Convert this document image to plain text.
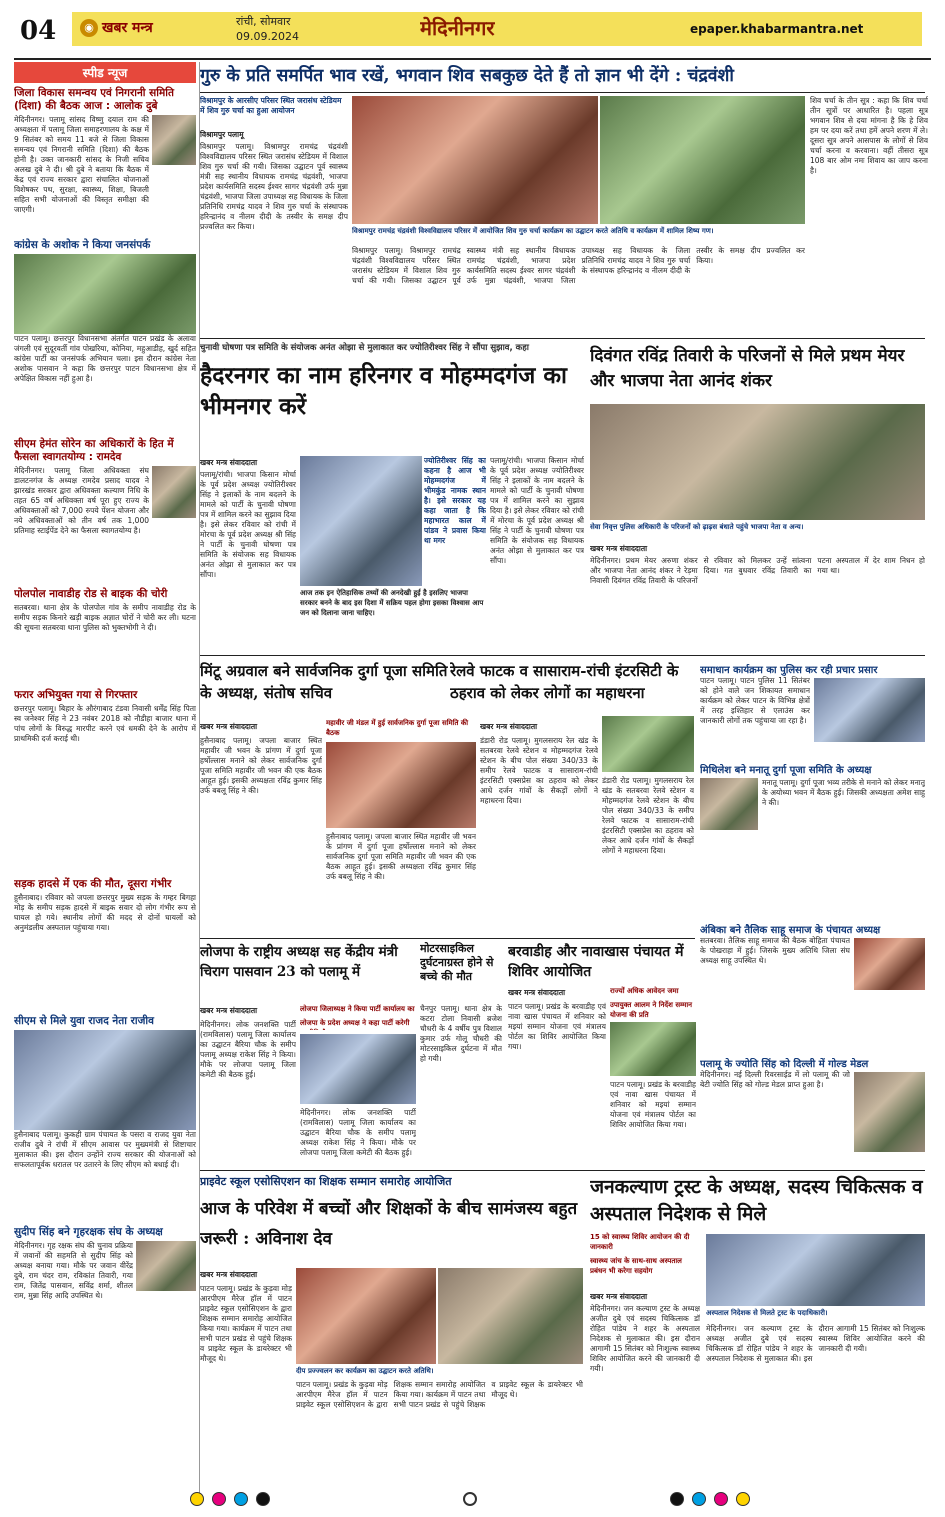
04	◉ खबर मन्त्र	रांची, सोमवार
09.09.2024	मेदिनीनगर	epaper.khabarmantra.net
स्पीड न्यूज
जिला विकास समन्वय एवं निगरानी समिति (दिशा) की बैठक आज : आलोक दुबे
मेदिनीनगर। पलामू सांसद विष्णु दयाल राम की अध्यक्षता में पलामू जिला समाहरणालय के कक्ष में 9 सितंबर को समय 11 बजे से जिला विकास समन्वय एवं निगरानी समिति (दिशा) की बैठक होनी है। उक्त जानकारी सांसद के निजी सचिव अलख दुबे ने दी। श्री दुबे ने बताया कि बैठक में केंद्र एवं राज्य सरकार द्वारा संचालित योजनाओं विशेषकर पथ, सुरक्षा, स्वास्थ्य, शिक्षा, बिजली सहित सभी योजनाओं की विस्तृत समीक्षा की जाएगी।
कांग्रेस के अशोक ने किया जनसंपर्क
पाटन पलामू। छत्तरपुर विधानसभा अंतर्गत पाटन प्रखंड के अलावा जंगली एवं सुदूरवर्ती गांव पोखरिया, कोनिया, महुआडीह, खुर्द सहित कांग्रेस पार्टी का जनसंपर्क अभियान चला। इस दौरान कांग्रेस नेता अशोक पासवान ने कहा कि छत्तरपुर पाटन विधानसभा क्षेत्र में अपेक्षित विकास नहीं हुआ है।
सीएम हेमंत सोरेन का अधिकारों के हित में फैसला स्वागतयोग्य : रामदेव
मेदिनीनगर। पलामू जिला अधिवक्ता संघ डालटनगंज के अध्यक्ष रामदेव प्रसाद यादव ने झारखंड सरकार द्वारा अधिवक्ता कल्याण निधि के तहत 65 वर्ष अधिवक्ता वर्ष पूरा हुए राज्य के अधिवक्ताओं को 7,000 रुपये पेंशन योजना और नये अधिवक्ताओं को तीन वर्ष तक 1,000 प्रतिमाह स्टाईपेंड देने का फैसला स्वागतयोग्य है।
पोलपोल नावाडीह रोड से बाइक की चोरी
सतबरवा। थाना क्षेत्र के पोलपोल गांव के समीप नावाडीह रोड के समीप सड़क किनारे खड़ी बाइक अज्ञात चोरों ने चोरी कर ली। घटना की सूचना सतबरवा थाना पुलिस को भुक्तभोगी ने दी।
फरार अभियुक्त गया से गिरफ्तार
छत्तरपुर पलामू। बिहार के औरंगाबाद टंडवा निवासी धर्मेंद्र सिंह पिता स्व जनेश्वर सिंह ने 23 नवंबर 2018 को नौडीहा बाजार थाना में पांच लोगों के विरुद्ध मारपीट करने एवं धमकी देने के आरोप में प्राथमिकी दर्ज कराई थी।
सड़क हादसे में एक की मौत, दूसरा गंभीर
हुसैनाबाद। रविवार को जपला छत्तरपुर मुख्य सड़क के गम्हर बिगहा मोड़ के समीप सड़क हादसे में बाइक सवार दो लोग गंभीर रूप से घायल हो गये। स्थानीय लोगों की मदद से दोनों घायलों को अनुमंडलीय अस्पताल पहुंचाया गया।
सीएम से मिले युवा राजद नेता राजीव
हुसैनाबाद पलामू। कुकही ग्राम पंचायत के पसरा व राजद युवा नेता राजीव दुबे ने रांची में सीएम आवास पर मुख्यमंत्री से शिष्टाचार मुलाकात की। इस दौरान उन्होंने राज्य सरकार की योजनाओं को सफलतापूर्वक धरातल पर उतारने के लिए सीएम को बधाई दी।
सुदीप सिंह बने गृहरक्षक संघ के अध्यक्ष
मेदिनीनगर। गृह रक्षक संघ की चुनाव प्रक्रिया में जवानों की सहमति से सुदीप सिंह को अध्यक्ष बनाया गया। मौके पर जवान वीरेंद्र दुबे, राम चंदर राम, रविकांत तिवारी, गया राम, जितेंद्र पासवान, सविंद्र शर्मा, शीतल राम, मुन्ना सिंह आदि उपस्थित थे।
गुरु के प्रति समर्पित भाव रखें, भगवान शिव सबकुछ देते हैं तो ज्ञान भी देंगे : चंद्रवंशी
विश्रामपुर के आरसीए परिसर स्थित जरासंध स्टेडियम में शिव गुरु चर्चा का हुआ आयोजन
विश्रामपुर रामचंद्र चंद्रवंशी विश्वविद्यालय परिसर में आयोजित शिव गुरु चर्चा कार्यक्रम का उद्घाटन करते अतिथि व कार्यक्रम में शामिल शिष्य गण।
विश्रामपुर पलामू
विश्रामपुर पलामू। विश्रामपुर रामचंद्र चंद्रवंशी विश्वविद्यालय परिसर स्थित जरासंध स्टेडियम में विशाल शिव गुरु चर्चा की गयी। जिसका उद्घाटन पूर्व स्वास्थ्य मंत्री सह स्थानीय विधायक रामचंद्र चंद्रवंशी, भाजपा प्रदेश कार्यसमिति सदस्य ईश्वर सागर चंद्रवंशी उर्फ मुन्ना चंद्रवंशी, भाजपा जिला उपाध्यक्ष सह विधायक के जिला प्रतिनिधि रामचंद्र यादव ने शिव गुरु चर्चा के संस्थापक हरिन्द्रानंद व नीलम दीदी के तस्वीर के समक्ष दीप प्रज्वलित कर किया।
विश्रामपुर पलामू। विश्रामपुर रामचंद्र चंद्रवंशी विश्वविद्यालय परिसर स्थित जरासंध स्टेडियम में विशाल शिव गुरु चर्चा की गयी। जिसका उद्घाटन पूर्व स्वास्थ्य मंत्री सह स्थानीय विधायक रामचंद्र चंद्रवंशी, भाजपा प्रदेश कार्यसमिति सदस्य ईश्वर सागर चंद्रवंशी उर्फ मुन्ना चंद्रवंशी, भाजपा जिला उपाध्यक्ष सह विधायक के जिला प्रतिनिधि रामचंद्र यादव ने शिव गुरु चर्चा के संस्थापक हरिन्द्रानंद व नीलम दीदी के तस्वीर के समक्ष दीप प्रज्वलित कर किया।
शिव चर्चा के तीन सूत्र : कहा कि शिव चर्चा तीन सूत्रों पर आधारित है। पहला सूत्र भगवान शिव से दया मांगना है कि हे शिव हम पर दया करें तथा हमें अपने शरण में ले। दूसरा सूत्र अपने आसपास के लोगों से शिव चर्चा करना व करवाना। वहीं तीसरा सूत्र 108 बार ओम नमः शिवाय का जाप करना है।
चुनावी घोषणा पत्र समिति के संयोजक अनंत ओझा से मुलाकात कर ज्योतिरीश्वर सिंह ने सौंपा सुझाव, कहा
हैदरनगर का नाम हरिनगर व मोहम्मदगंज का भीमनगर करें
खबर मन्त्र संवाददाता
पलामू/रांची। भाजपा किसान मोर्चा के पूर्व प्रदेश अध्यक्ष ज्योतिरीश्वर सिंह ने इलाकों के नाम बदलने के मामले को पार्टी के चुनावी घोषणा पत्र में शामिल करने का सुझाव दिया है। इसे लेकर रविवार को रांची में मोरचा के पूर्व प्रदेश अध्यक्ष श्री सिंह ने पार्टी के चुनावी घोषणा पत्र समिति के संयोजक सह विधायक अनंत ओझा से मुलाकात कर पत्र सौंपा।
ज्योतिरीश्वर सिंह का कहना है आज भी मोहम्मदगंज में भीमकुंड नामक स्थान है। इसे सरकार यह कहा जाता है कि महाभारत काल में पांडव ने प्रवास किया था मगर
आज तक इन ऐतिहासिक तथ्यों की अनदेखी हुई है इसलिए भाजपा सरकार बनने के बाद इस दिशा में सक्रिय पहल होगा इसका विश्वास आप जन को दिलाना जाना चाहिए।
पलामू/रांची। भाजपा किसान मोर्चा के पूर्व प्रदेश अध्यक्ष ज्योतिरीश्वर सिंह ने इलाकों के नाम बदलने के मामले को पार्टी के चुनावी घोषणा पत्र में शामिल करने का सुझाव दिया है। इसे लेकर रविवार को रांची में मोरचा के पूर्व प्रदेश अध्यक्ष श्री सिंह ने पार्टी के चुनावी घोषणा पत्र समिति के संयोजक सह विधायक अनंत ओझा से मुलाकात कर पत्र सौंपा।
दिवंगत रविंद्र तिवारी के परिजनों से मिले प्रथम मेयर और भाजपा नेता आनंद शंकर
सेवा निवृत्त पुलिस अधिकारी के परिजनों को ढ़ाढ़स बंधाते पहुंचे भाजपा नेता व अन्य।
खबर मन्त्र संवाददाता
मेदिनीनगर। प्रथम मेयर अरुणा शंकर और भाजपा नेता आनंद शंकर ने रेड़मा निवासी दिवंगत रविंद्र तिवारी के परिजनों से रविवार को मिलकर उन्हें सांत्वना दिया। गत बुधवार रविंद्र तिवारी का पटना अस्पताल में देर शाम निधन हो गया था।
मिंटू अग्रवाल बने सार्वजनिक दुर्गा पूजा समिति के अध्यक्ष, संतोष सचिव
रेलवे फाटक व सासाराम-रांची इंटरसिटी के ठहराव को लेकर लोगों का महाधरना
खबर मन्त्र संवाददाता	महावीर जी मंडल में हुई सार्वजनिक दुर्गा पूजा समिति की बैठक
हुसैनाबाद पलामू। जपला बाजार स्थित महावीर जी भवन के प्रांगण में दुर्गा पूजा हर्षोल्लास मनाने को लेकर सार्वजनिक दुर्गा पूजा समिति महावीर जी भवन की एक बैठक आहूत हुई। इसकी अध्यक्षता रविंद्र कुमार सिंह उर्फ बबलू सिंह ने की।
हुसैनाबाद पलामू। जपला बाजार स्थित महावीर जी भवन के प्रांगण में दुर्गा पूजा हर्षोल्लास मनाने को लेकर सार्वजनिक दुर्गा पूजा समिति महावीर जी भवन की एक बैठक आहूत हुई। इसकी अध्यक्षता रविंद्र कुमार सिंह उर्फ बबलू सिंह ने की।
खबर मन्त्र संवाददाता
डंडारी रोड पलामू। मुगलसराय रेल खंड के सतबरवा रेलवे स्टेशन व मोहम्मदगंज रेलवे स्टेशन के बीच पोल संख्या 340/33 के समीप रेलवे फाटक व सासाराम-रांची इंटरसिटी एक्सप्रेस का ठहराव को लेकर आधे दर्जन गांवों के सैकड़ों लोगों ने महाधरना दिया।
डंडारी रोड पलामू। मुगलसराय रेल खंड के सतबरवा रेलवे स्टेशन व मोहम्मदगंज रेलवे स्टेशन के बीच पोल संख्या 340/33 के समीप रेलवे फाटक व सासाराम-रांची इंटरसिटी एक्सप्रेस का ठहराव को लेकर आधे दर्जन गांवों के सैकड़ों लोगों ने महाधरना दिया।
समाधान कार्यक्रम का पुलिस कर रही प्रचार प्रसार
पाटन पलामू। पाटन पुलिस 11 सितंबर को होने वाले जन शिकायत समाधान कार्यक्रम को लेकर पाटन के विभिन्न क्षेत्रों में तरह इश्तिहार से एलाउंस कर जानकारी लोगों तक पहुंचाया जा रहा है।
मिथिलेश बने मनातू दुर्गा पूजा समिति के अध्यक्ष
मनातू पलामू। दुर्गा पूजा भव्य तरीके से मनाने को लेकर मनातू के अयोध्या भवन में बैठक हुई। जिसकी अध्यक्षता अमेश साहु ने की।
अंबिका बने तैलिक साहू समाज के पंचायत अध्यक्ष
सतबरवा। तैलिक साहू समाज की बैठक बोहिता पंचायत के पोखराहा में हुई। जिसके मुख्य अतिथि जिला संघ अध्यक्ष साहू उपस्थित थे।
पलामू के ज्योति सिंह को दिल्ली में गोल्ड मेडल
मेदिनीनगर। नई दिल्ली रिवरसाईड में लो पलामू की जो बेटी ज्योति सिंह को गोल्ड मेडल प्राप्त हुआ है।
लोजपा के राष्ट्रीय अध्यक्ष सह केंद्रीय मंत्री चिराग पासवान 23 को पलामू में
खबर मन्त्र संवाददाता	लोजपा जिलाध्यक्ष ने किया पार्टी कार्यालय का
लोजपा के प्रदेश अध्यक्ष ने कहा पार्टी करेगी
मेदिनीनगर। लोक जनशक्ति पार्टी (रामविलास) पलामू जिला कार्यालय का उद्घाटन बैरिया चौक के समीप पलामू अध्यक्ष राकेश सिंह ने किया। मौके पर लोजपा पलामू जिला कमेटी की बैठक हुई।
मेदिनीनगर। लोक जनशक्ति पार्टी (रामविलास) पलामू जिला कार्यालय का उद्घाटन बैरिया चौक के समीप पलामू अध्यक्ष राकेश सिंह ने किया। मौके पर लोजपा पलामू जिला कमेटी की बैठक हुई।
मोटरसाइकिल दुर्घटनाग्रस्त होने से बच्चे की मौत
चैनपुर पलामू। थाना क्षेत्र के कटरा टोला निवासी ब्रजेश चौधरी के 4 वर्षीय पुत्र विशाल कुमार उर्फ गोलू चौधरी की मोटरसाइकिल दुर्घटना में मौत हो गयी।
बरवाडीह और नावाखास पंचायत में शिविर आयोजित
खबर मन्त्र संवाददाता	राज्यों अधिक आवेदन जमा
उपायुक्त आलम ने निर्देश सम्मान योजना की प्रति
पाटन पलामू। प्रखंड के बरवाडीह एवं नावा खास पंचायत में शनिवार को मइयां सम्मान योजना एवं मंत्रालय पोर्टल का शिविर आयोजित किया गया।
पाटन पलामू। प्रखंड के बरवाडीह एवं नावा खास पंचायत में शनिवार को मइयां सम्मान योजना एवं मंत्रालय पोर्टल का शिविर आयोजित किया गया।
प्राइवेट स्कूल एसोसिएशन का शिक्षक सम्मान समारोह आयोजित
आज के परिवेश में बच्चों और शिक्षकों के बीच सामंजस्य बहुत जरूरी : अविनाश देव
खबर मन्त्र संवाददाता
पाटन पलामू। प्रखंड के कुड़वा मोड़ आरपीएम मैरेज हॉल में पाटन प्राइवेट स्कूल एसोसिएशन के द्वारा शिक्षक सम्मान समारोह आयोजित किया गया। कार्यक्रम में पाटन तथा सभी पाटन प्रखंड से पहुंचे शिक्षक व प्राइवेट स्कूल के डायरेक्टर भी मौजूद थे।
दीप प्रज्ज्वलन कर कार्यक्रम का उद्घाटन करते अतिथि।
पाटन पलामू। प्रखंड के कुड़वा मोड़ आरपीएम मैरेज हॉल में पाटन प्राइवेट स्कूल एसोसिएशन के द्वारा शिक्षक सम्मान समारोह आयोजित किया गया। कार्यक्रम में पाटन तथा सभी पाटन प्रखंड से पहुंचे शिक्षक व प्राइवेट स्कूल के डायरेक्टर भी मौजूद थे।
जनकल्याण ट्रस्ट के अध्यक्ष, सदस्य चिकित्सक व अस्पताल निदेशक से मिले
15 को स्वास्थ्य शिविर आयोजन की दी जानकारी
स्वास्थ्य जांच के साथ-साथ अस्पताल प्रबंधन भी करेगा सहयोग
अस्पताल निदेशक से मिलते ट्रस्ट के पदाधिकारी।
खबर मन्त्र संवाददाता
मेदिनीनगर। जन कल्याण ट्रस्ट के अध्यक्ष अजीत दुबे एवं सदस्य चिकित्सक डॉ रोहित पांडेय ने शहर के अस्पताल निदेशक से मुलाकात की। इस दौरान आगामी 15 सितंबर को निःशुल्क स्वास्थ्य शिविर आयोजित करने की जानकारी दी गयी।
मेदिनीनगर। जन कल्याण ट्रस्ट के अध्यक्ष अजीत दुबे एवं सदस्य चिकित्सक डॉ रोहित पांडेय ने शहर के अस्पताल निदेशक से मुलाकात की। इस दौरान आगामी 15 सितंबर को निःशुल्क स्वास्थ्य शिविर आयोजित करने की जानकारी दी गयी।
